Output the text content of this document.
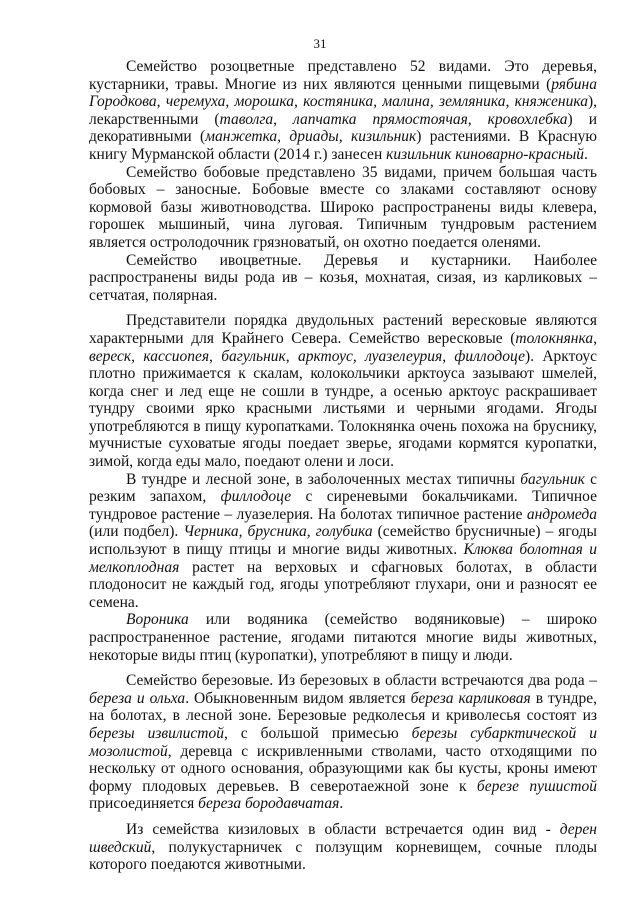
31

Семейство розоцветные представлено 52 видами. Это деревья, кустарники, травы. Многие из них являются ценными пищевыми (рябина Городкова, черемуха, морошка, костяника, малина, земляника, княженика), лекарственными (таволга, лапчатка прямостоячая, кровохлебка) и декоративными (манжетка, дриады, кизильник) растениями. В Красную книгу Мурманской области (2014 г.) занесен кизильник киноварно-красный.

Семейство бобовые представлено 35 видами, причем большая часть бобовых – заносные. Бобовые вместе со злаками составляют основу кормовой базы животноводства. Широко распространены виды клевера, горошек мышиный, чина луговая. Типичным тундровым растением является остролодочник грязноватый, он охотно поедается оленями.

Семейство ивоцветные. Деревья и кустарники. Наиболее распространены виды рода ив – козья, мохнатая, сизая, из карликовых – сетчатая, полярная.

Представители порядка двудольных растений вересковые являются характерными для Крайнего Севера. Семейство вересковые (толокнянка, вереск, кассиопея, багульник, арктоус, луазелеурия, филлодоце). Арктоус плотно прижимается к скалам, колокольчики арктоуса зазывают шмелей, когда снег и лед еще не сошли в тундре, а осенью арктоус раскрашивает тундру своими ярко красными листьями и черными ягодами. Ягоды употребляются в пищу куропатками. Толокнянка очень похожа на бруснику, мучнистые суховатые ягоды поедает зверье, ягодами кормятся куропатки, зимой, когда еды мало, поедают олени и лоси.

В тундре и лесной зоне, в заболоченных местах типичны багульник с резким запахом, филлодоце с сиреневыми бокальчиками. Типичное тундровое растение – луазелерия. На болотах типичное растение андромеда (или подбел). Черника, брусника, голубика (семейство брусничные) – ягоды используют в пищу птицы и многие виды животных. Клюква болотная и мелкоплодная растет на верховых и сфагновых болотах, в области плодоносит не каждый год, ягоды употребляют глухари, они и разносят ее семена.

Вороника или водяника (семейство водяниковые) – широко распространенное растение, ягодами питаются многие виды животных, некоторые виды птиц (куропатки), употребляют в пищу и люди.

Семейство березовые. Из березовых в области встречаются два рода – береза и ольха. Обыкновенным видом является береза карликовая в тундре, на болотах, в лесной зоне. Березовые редколесья и криволесья состоят из березы извилистой, с большой примесью березы субарктической и мозолистой, деревца с искривленными стволами, часто отходящими по нескольку от одного основания, образующими как бы кусты, кроны имеют форму плодовых деревьев. В северотаежной зоне к березе пушистой присоединяется береза бородавчатая.

Из семейства кизиловых в области встречается один вид - дерен шведский, полукустарничек с ползущим корневищем, сочные плоды которого поедаются животными.
